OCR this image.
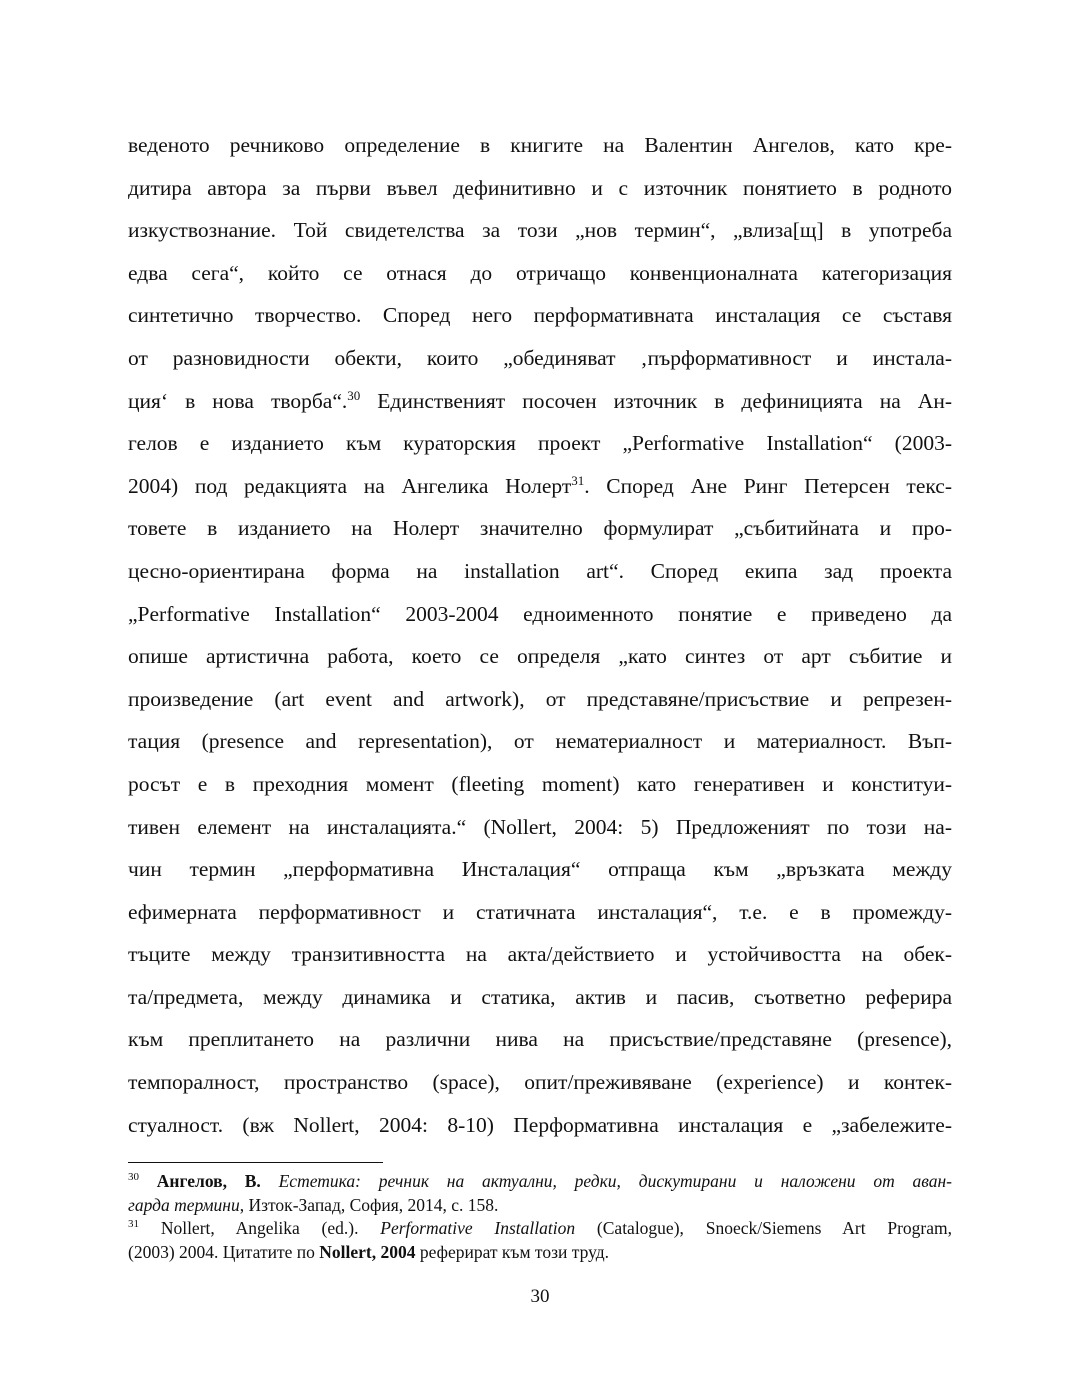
веденото речниково определение в книгите на Валентин Ангелов, като кре-
дитира автора за първи въвел дефинитивно и с източник понятието в родното
изкуствознание. Той свидетелства за този „нов термин“, „влиза[щ] в употреба
едва сега“, който се отнася до отричащо конвенционалната категоризация
синтетично творчество. Според него перформативната инсталация се съставя
от разновидности обекти, които „обединяват ‚пърформативност и инстала-
ция‘ в нова творба“.$^{30}$ Единственият посочен източник в дефиницията на Ан-
гелов е изданието към кураторския проект „Performative Installation“ (2003-
2004) под редакцията на Ангелика Нолерт$^{31}$. Според Ане Ринг Петерсен текс-
товете в изданието на Нолерт значително формулират „събитийната и про-
цесно-ориентирана форма на installation art“. Според екипа зад проекта
„Performative Installation“ 2003-2004 едноименното понятие е приведено да
опише артистична работа, което се определя „като синтез от арт събитие и
произведение (art event and artwork), от представяне/присъствие и репрезен-
тация (presence and representation), от нематериалност и материалност. Въп-
росът е в преходния момент (fleeting moment) като генеративен и конституи-
тивен елемент на инсталацията.“ (Nollert, 2004: 5) Предложеният по този на-
чин термин „перформативна Инсталация“ отпраща към „връзката между
ефимерната перформативност и статичната инсталация“, т.е. е в промежду-
тъците между транзитивността на акта/действието и устойчивостта на обек-
та/предмета, между динамика и статика, актив и пасив, съответно реферира
към преплитането на различни нива на присъствие/представяне (presence),
темпоралност, пространство (space), опит/преживяване (experience) и контек-
стуалност. (вж Nollert, 2004: 8-10) Перформативна инсталация е „забележите-
$^{30}$ Ангелов, В. Естетика: речник на актуални, редки, дискутирани и наложени от аван-
гарда термини, Изток-Запад, София, 2014, с. 158.
$^{31}$ Nollert, Angelika (ed.). Performative Installation (Catalogue), Snoeck/Siemens Art Program,
(2003) 2004. Цитатите по Nollert, 2004 реферират към този труд.
30
